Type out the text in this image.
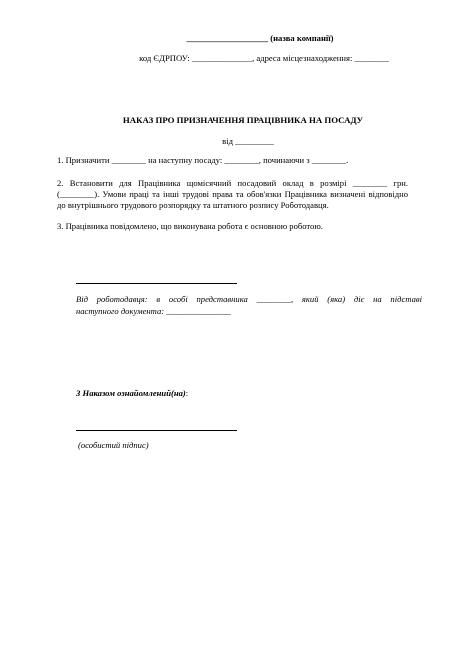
___________________ (назва компанії)
код ЄДРПОУ: ______________, адреса місцезнаходження: ________
НАКАЗ ПРО ПРИЗНАЧЕННЯ ПРАЦІВНИКА НА ПОСАДУ
від _________
1. Призначити ________ на наступну посаду: ________, починаючи з ________.
2. Встановити для Працівника щомісячний посадовий оклад в розмірі ________ грн.
(________). Умови праці та інші трудові права та обов'язки Працівника визначені відповідно
до внутрішнього трудового розпорядку та штатного розпису Роботодавця.
3. Працівника повідомлено, що виконувана робота є основною роботою.
Від роботодавця: в особі представника ________, який (яка) діє на підставі
наступного документа: _______________
З Наказом ознайомлений(на):
(особистий підпис)
